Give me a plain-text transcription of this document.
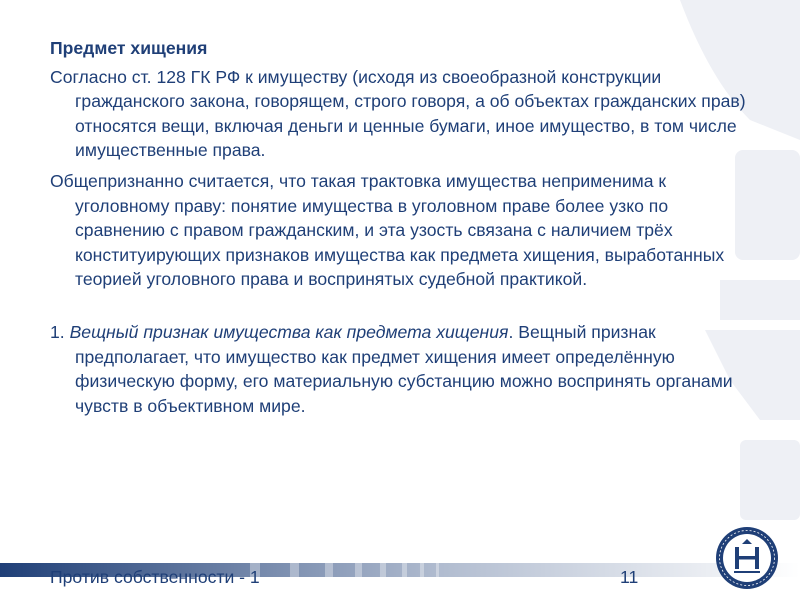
Предмет хищения
Согласно ст. 128 ГК РФ к имуществу (исходя из своеобразной конструкции гражданского закона, говорящем, строго говоря, а об объектах гражданских прав) относятся вещи, включая деньги и ценные бумаги, иное имущество, в том числе имущественные права.
Общепризнанно считается, что такая трактовка имущества неприменима к уголовному праву: понятие имущества в уголовном праве более узко по сравнению с правом гражданским, и эта узость связана с наличием трёх конституирующих признаков имущества как предмета хищения, выработанных теорией уголовного права и воспринятых судебной практикой.
1. Вещный признак имущества как предмета хищения. Вещный признак предполагает, что имущество как предмет хищения имеет определённую физическую форму, его материальную субстанцию можно воспринять органами чувств в объективном мире.
Против собственности - 1	11
